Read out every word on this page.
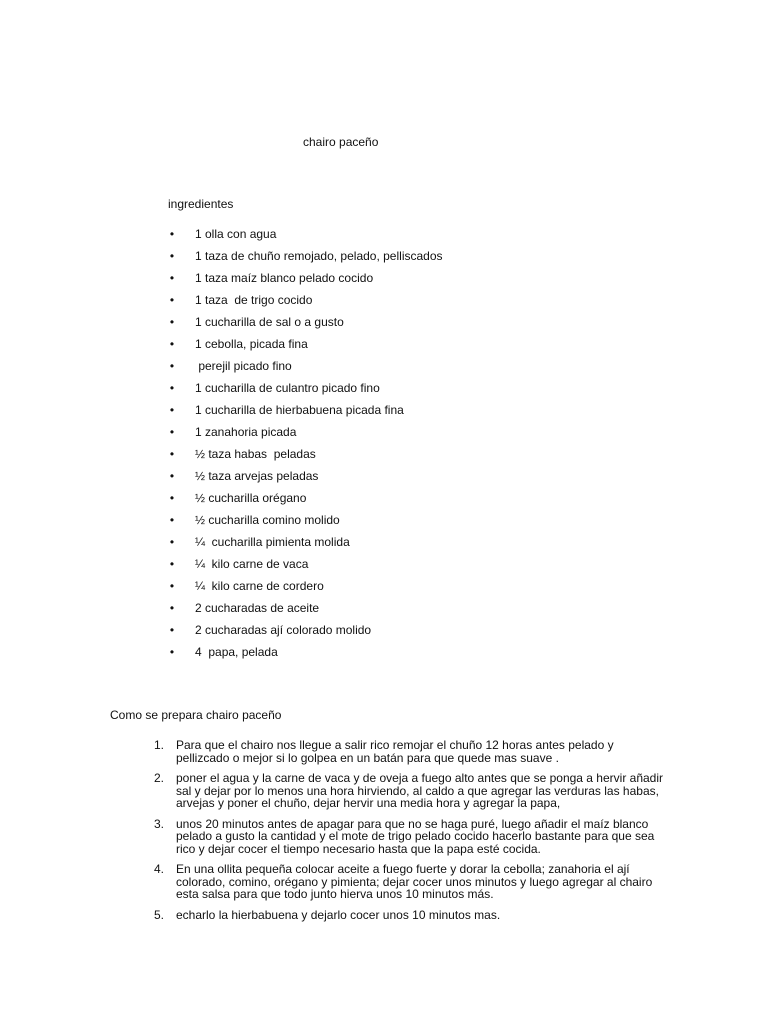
chairo paceño
ingredientes
• 1 olla con agua
• 1 taza de chuño remojado, pelado, pelliscados
• 1 taza maíz blanco pelado cocido
• 1 taza  de trigo cocido
• 1 cucharilla de sal o a gusto
• 1 cebolla, picada fina
• perejil picado fino
• 1 cucharilla de culantro picado fino
• 1 cucharilla de hierbabuena picada fina
• 1 zanahoria picada
• ½ taza habas  peladas
• ½ taza arvejas peladas
• ½ cucharilla orégano
• ½ cucharilla comino molido
• ¼  cucharilla pimienta molida
• ¼  kilo carne de vaca
• ¼  kilo carne de cordero
• 2 cucharadas de aceite
• 2 cucharadas ají colorado molido
• 4  papa, pelada
Como se prepara chairo paceño
1. Para que el chairo nos llegue a salir rico remojar el chuño 12 horas antes pelado y pellizcado o mejor si lo golpea en un batán para que quede mas suave .
2. poner el agua y la carne de vaca y de oveja a fuego alto antes que se ponga a hervir añadir sal y dejar por lo menos una hora hirviendo, al caldo a que agregar las verduras las habas, arvejas y poner el chuño, dejar hervir una media hora y agregar la papa,
3. unos 20 minutos antes de apagar para que no se haga puré, luego añadir el maíz blanco pelado a gusto la cantidad y el mote de trigo pelado cocido hacerlo bastante para que sea rico y dejar cocer el tiempo necesario hasta que la papa esté cocida.
4. En una ollita pequeña colocar aceite a fuego fuerte y dorar la cebolla; zanahoria el ají colorado, comino, orégano y pimienta; dejar cocer unos minutos y luego agregar al chairo esta salsa para que todo junto hierva unos 10 minutos más.
5. echarlo la hierbabuena y dejarlo cocer unos 10 minutos mas.
